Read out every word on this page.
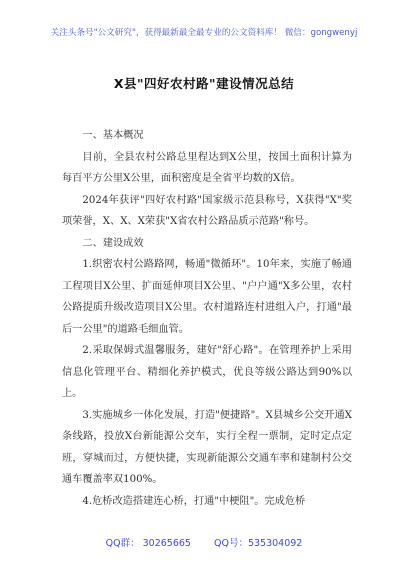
关注头条号"公文研究"，获得最新最全最专业的公文资料库！ 微信：gongwenyj
X县"四好农村路"建设情况总结

一、基本概况

目前，全县农村公路总里程达到X公里，按国土面积计算为每百平方公里X公里，面积密度是全省平均数的X倍。

2024年获评"四好农村路"国家级示范县称号，X获得"X"奖项荣誉，X、X、X荣获"X省农村公路品质示范路"称号。

二、建设成效

1.织密农村公路路网，畅通"微循环"。10年来，实施了畅通工程项目X公里、扩面延伸项目X公里、"户户通"X多公里，农村公路提质升级改造项目X公里。农村道路连村进组入户，打通"最后一公里"的道路毛细血管。

2.采取保姆式温馨服务，建好"舒心路"。在管理养护上采用信息化管理平台、精细化养护模式，优良等级公路达到90%以上。

3.实施城乡一体化发展，打造"便捷路"。X县城乡公交开通X条线路，投放X台新能源公交车，实行全程一票制，定时定点定班，穿城而过，方便快捷，实现新能源公交通车率和建制村公交通车覆盖率双100%。

4.危桥改造搭建连心桥，打通"中梗阻"。完成危桥

QQ群： 30265665 QQ号：535304092
